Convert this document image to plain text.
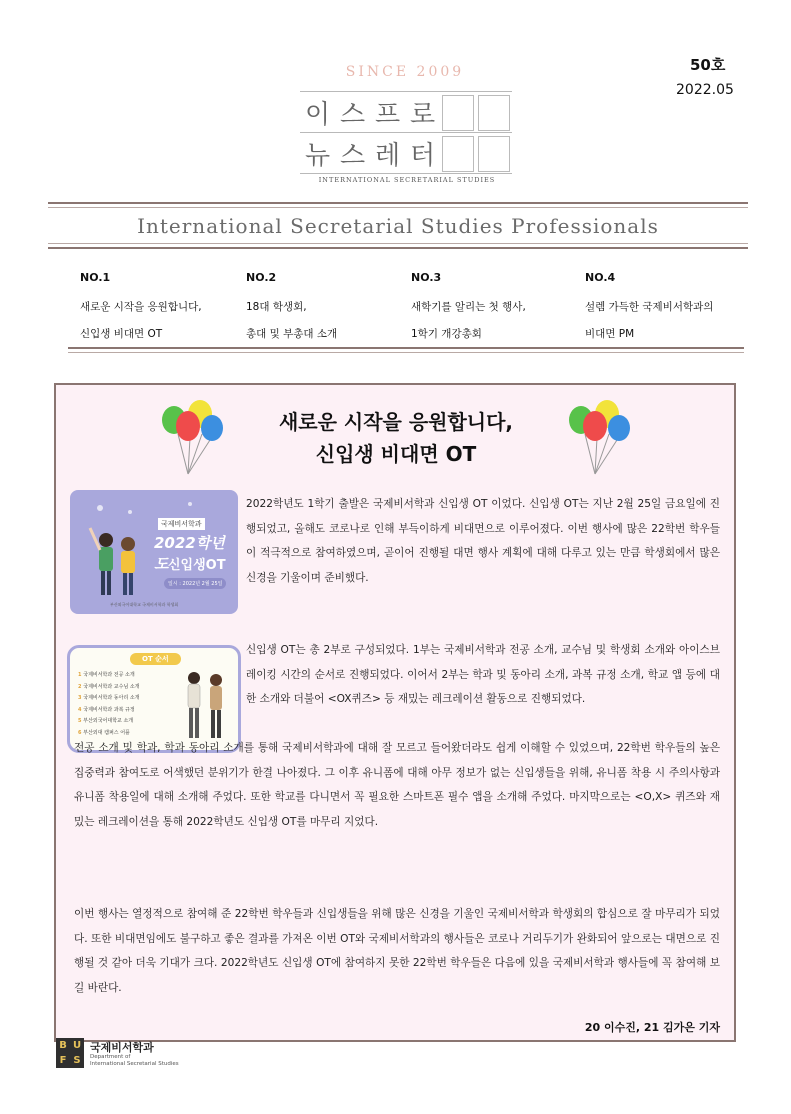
SINCE 2009
이 스 프 로
뉴 스 레 터
INTERNATIONAL SECRETARIAL STUDIES
50호
2022.05
International Secretarial Studies Professionals
NO.1
새로운 시작을 응원합니다,
신입생 비대면 OT
NO.2
18대 학생회,
총대 및 부총대 소개
NO.3
새학기를 알리는 첫 행사,
1학기 개강총회
NO.4
설렘 가득한 국제비서학과의
비대면 PM
새로운 시작을 응원합니다,
신입생 비대면 OT
국제비서학과
2022학년도 신입생OT
일시 : 2022년 2월 25일
부산외국어대학교 국제비서학과 학생회
OT 순서
1 국제비서학과 전공 소개
2 국제비서학과 교수님 소개
3 국제비서학과 동아리 소개
4 국제비서학과 과복 규정
5 부산외국어대학교 소개
6 부산외대 캠퍼스 어플
2022학년도 1학기 출발은 국제비서학과 신입생 OT 이었다. 신입생 OT는 지난 2월 25일 금요일에 진행되었고, 올해도 코로나로 인해 부득이하게 비대면으로 이루어졌다. 이번 행사에 많은 22학번 학우들이 적극적으로 참여하였으며, 곧이어 진행될 대면 행사 계획에 대해 다루고 있는 만큼 학생회에서 많은 신경을 기울이며 준비했다.
신입생 OT는 총 2부로 구성되었다. 1부는 국제비서학과 전공 소개, 교수님 및 학생회 소개와 아이스브레이킹 시간의 순서로 진행되었다. 이어서 2부는 학과 및 동아리 소개, 과복 규정 소개, 학교 앱 등에 대한 소개와 더불어 <OX퀴즈> 등 재밌는 레크레이션 활동으로 진행되었다.
전공 소개 및 학과, 학과 동아리 소개를 통해 국제비서학과에 대해 잘 모르고 들어왔더라도 쉽게 이해할 수 있었으며, 22학번 학우들의 높은 집중력과 참여도로 어색했던 분위기가 한결 나아졌다. 그 이후 유니폼에 대해 아무 정보가 없는 신입생들을 위해, 유니폼 착용 시 주의사항과 유니폼 착용일에 대해 소개해 주었다. 또한 학교를 다니면서 꼭 필요한 스마트폰 필수 앱을 소개해 주었다. 마지막으로는 <O,X> 퀴즈와 재밌는 레크레이션을 통해 2022학년도 신입생 OT를 마무리 지었다.
이번 행사는 열정적으로 참여해 준 22학번 학우들과 신입생들을 위해 많은 신경을 기울인 국제비서학과 학생회의 합심으로 잘 마무리가 되었다. 또한 비대면임에도 불구하고 좋은 결과를 가져온 이번 OT와 국제비서학과의 행사들은 코로나 거리두기가 완화되어 앞으로는 대면으로 진행될 것 같아 더욱 기대가 크다. 2022학년도 신입생 OT에 참여하지 못한 22학번 학우들은 다음에 있을 국제비서학과 행사들에 꼭 참여해 보길 바란다.
20 이수진, 21 김가은 기자
B U
F S
국제비서학과
Department of
International Secretarial Studies
